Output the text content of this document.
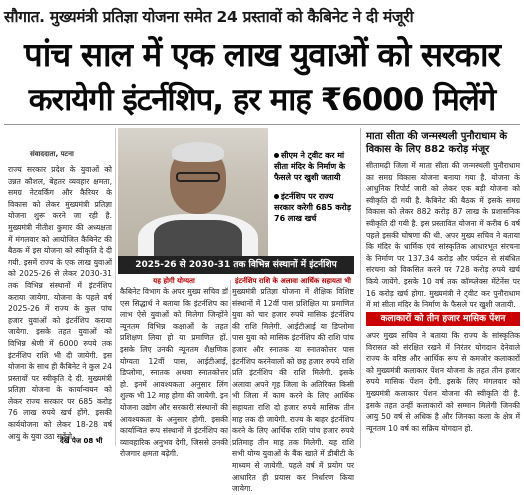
सौगात. मुख्यमंत्री प्रतिज्ञा योजना समेत 24 प्रस्तावों को कैबिनेट ने दी मंजूरी
पांच साल में एक लाख युवाओं को सरकार
करायेगी इंटर्नशिप, हर माह ₹6000 मिलेंगे
संवाददाता, पटना
राज्य सरकार प्रदेश के युवाओं को उन्नत कौशल, बेहतर व्यवहार क्षमता, समग्र नेटवर्किंग और कैरियर के विकास को लेकर मुख्यमंत्री प्रतिज्ञा योजना शुरू करने जा रही है. मुख्यमंत्री नीतीश कुमार की अध्यक्षता में मंगलवार को आयोजित कैबिनेट की बैठक में इस योजना को स्वीकृति दे दी गयी. इसमें राज्य के एक लाख युवाओं को 2025-26 से लेकर 2030-31 तक विभिन्न संस्थानों में इंटर्नशिप कराया जायेगा. योजना के पहले वर्ष 2025-26 में राज्य के कुल पांच हजार युवाओं को इंटर्नशिप कराया जायेगा. इसके तहत युवाओं को विभिन्न श्रेणी में 6000 रुपये तक इंटर्नशिप राशि भी दी जायेगी. इस योजना के साथ ही कैबिनेट ने कुल 24 प्रस्तावों पर स्वीकृति दे दी. मुख्यमंत्री प्रतिज्ञा योजना के कार्यान्वयन को लेकर राज्य सरकार पर 685 करोड़ 76 लाख रुपये खर्च होंगे. इसकी कार्ययोजना को लेकर 18-28 वर्ष आयु के युवा उठा सकेंगे.
देखें पेज 08 भी
सीएम ने ट्वीट कर मां सीता मंदिर के निर्माण के फैसले पर खुशी जतायी
इंटर्नशिप पर राज्य सरकार करेगी 685 करोड़ 76 लाख खर्च
2025-26 से 2030-31 तक विभिन्न संस्थानों में इंटर्नशिप
यह होगी योग्यता
कैबिनेट विभाग के अपर मुख्य सचिव डॉ एस सिद्धार्थ ने बताया कि इंटर्नशिप का लाभ ऐसे युवाओं को मिलेगा जिन्होंने न्यूनतम विभिन्न कक्षाओं के तहत प्रशिक्षण लिया हो या प्रमाणित हों. इसके लिए उनकी न्यूनतम शैक्षणिक योग्यता 12वीं पास, आईटीआई, डिप्लोमा, स्नातक अथवा स्नातकोत्तर हो. इनमें आवश्यकता अनुसार लिंग शुल्क भी 12 माह होगा की जायेगी. इन योजना उद्योग और सरकारी संस्थानों की आवश्यकता के अनुसार होगी. इसकी कार्यान्वित रूप संस्थानों में इंटर्नशिप का व्यावहारिक अनुभव देगी, जिससे उनकी रोजगार क्षमता बढ़ेगी.
इंटर्नशिप राशि के अलावा आर्थिक सहायता भी
मुख्यमंत्री प्रतिज्ञा योजना में शैक्षिक विशिष्ट संस्थानों में 12वीं पास प्रशिक्षित या प्रमाणित युवा को चार हजार रुपये मासिक इंटर्नशिप की राशि मिलेगी. आईटीआई या डिप्लोमा पास युवा को मासिक इंटर्नशिप की राशि पांच हजार और स्नातक या स्नातकोत्तर पास इंटर्नशिप करनेवालों को छह हजार रुपये राशि प्रति इंटर्नशिप की राशि मिलेगी. इसके अलावा अपने गृह जिला के अतिरिक्त किसी भी जिला में काम करने के लिए आर्थिक सहायता राशि दो हजार रुपये मासिक तीन माह तक दी जायेगी. राज्य के बाहर इंटर्नशिप करने के लिए आर्थिक राशि पांच हजार रुपये प्रतिमाह तीन माह तक मिलेगी. यह राशि सभी योग्य युवाओं के बैंक खाते में डीबीटी के माध्यम से जायेगी. पहले वर्ष में प्रयोग पर आधारित ही प्रयास कर निर्धारण किया जायेगा.
माता सीता की जन्मस्थली पुनौराधाम के विकास के लिए 882 करोड़ मंजूर
सीतामढ़ी जिला में माता सीता की जन्मस्थली पुनौराधाम का समग्र विकास योजना बनाया गया है. योजना के आधुनिक रिपोर्ट जारी को लेकर एक बड़ी योजना को स्वीकृति दी गयी है. कैबिनेट की बैठक में इसके समग्र विकास को लेकर 882 करोड़ 87 लाख के प्रशासनिक स्वीकृति दी गयी है. इस प्रस्तावित योजना में करीब 6 वर्ष पहले इसकी घोषणा की थी. अपर मुख्य सचिव ने बताया कि मंदिर के धार्मिक एवं सांस्कृतिक आधारभूत संरचना के निर्माण पर 137.34 करोड़ और पर्यटन से संबंधित संरचना को विकसित करने पर 728 करोड़ रुपये खर्च किये जायेंगे. इसके 10 वर्ष तक कॉम्प्लेक्स मेंटेनेंस पर 16 करोड़ खर्च होगा. मुख्यमंत्री ने ट्वीट कर पुनौराधाम में मां सीता मंदिर के निर्माण के फैसले पर खुशी जतायी.
कलाकारों को तीन हजार मासिक पेंशन
अपर मुख्य सचिव ने बताया कि राज्य के सांस्कृतिक विरासत को संरक्षित रखने में निरंतर योगदान देनेवाले राज्य के वरिष्ठ और आर्थिक रूप से कमजोर कलाकारों को मुख्यमंत्री कलाकार पेंशन योजना के तहत तीन हजार रुपये मासिक पेंशन देगी. इसके लिए मंगलवार को मुख्यमंत्री कलाकार पेंशन योजना की स्वीकृति दी है. इसके तहत उन्हीं कलाकारों को सम्मान मिलेगी जिनकी आयु 50 वर्ष से अधिक है और जिनका कला के क्षेत्र में न्यूनतम 10 वर्ष का सक्रिय योगदान हो.
